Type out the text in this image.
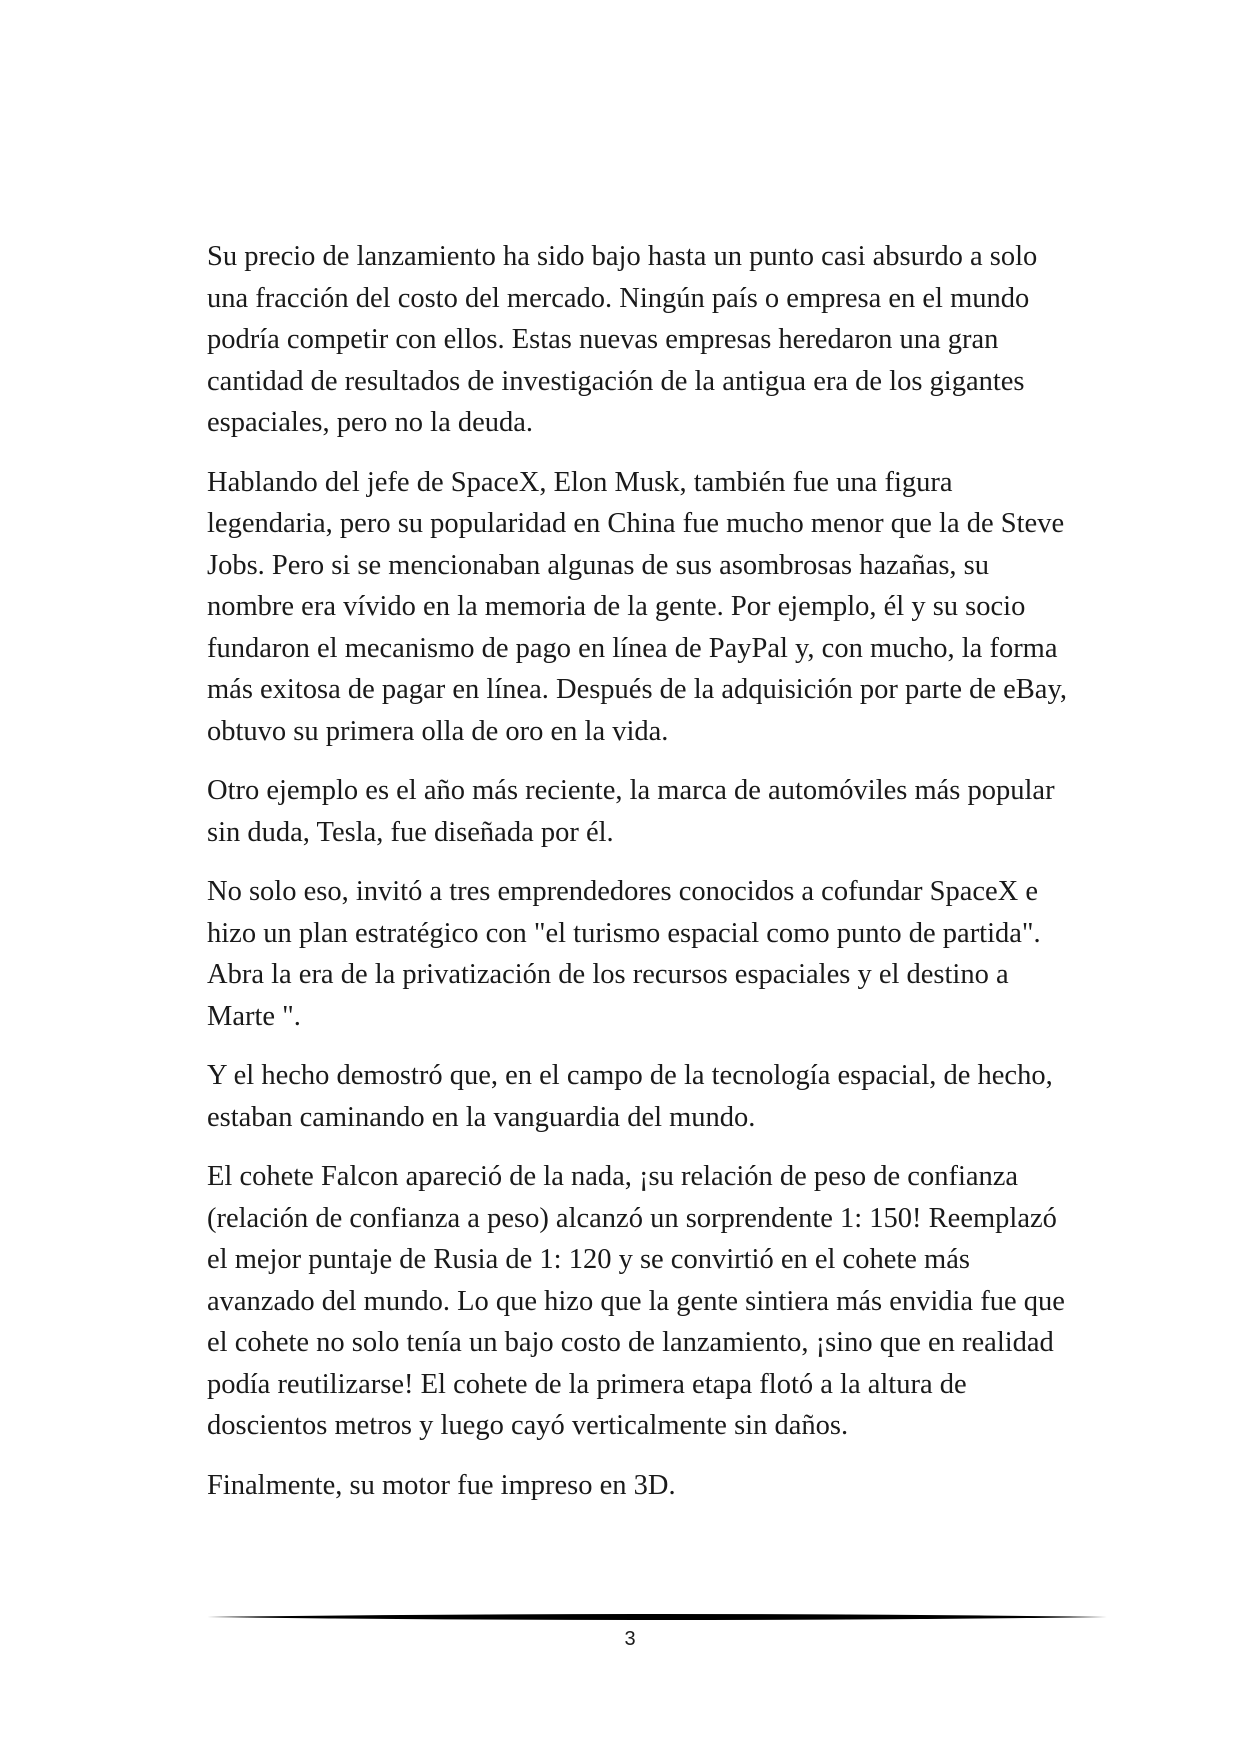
Su precio de lanzamiento ha sido bajo hasta un punto casi absurdo a solo una fracción del costo del mercado. Ningún país o empresa en el mundo podría competir con ellos. Estas nuevas empresas heredaron una gran cantidad de resultados de investigación de la antigua era de los gigantes espaciales, pero no la deuda.

Hablando del jefe de SpaceX, Elon Musk, también fue una figura legendaria, pero su popularidad en China fue mucho menor que la de Steve Jobs. Pero si se mencionaban algunas de sus asombrosas hazañas, su nombre era vívido en la memoria de la gente. Por ejemplo, él y su socio fundaron el mecanismo de pago en línea de PayPal y, con mucho, la forma más exitosa de pagar en línea. Después de la adquisición por parte de eBay, obtuvo su primera olla de oro en la vida.

Otro ejemplo es el año más reciente, la marca de automóviles más popular sin duda, Tesla, fue diseñada por él.

No solo eso, invitó a tres emprendedores conocidos a cofundar SpaceX e hizo un plan estratégico con "el turismo espacial como punto de partida". Abra la era de la privatización de los recursos espaciales y el destino a Marte ".

Y el hecho demostró que, en el campo de la tecnología espacial, de hecho, estaban caminando en la vanguardia del mundo.

El cohete Falcon apareció de la nada, ¡su relación de peso de confianza (relación de confianza a peso) alcanzó un sorprendente 1: 150! Reemplazó el mejor puntaje de Rusia de 1: 120 y se convirtió en el cohete más avanzado del mundo. Lo que hizo que la gente sintiera más envidia fue que el cohete no solo tenía un bajo costo de lanzamiento, ¡sino que en realidad podía reutilizarse! El cohete de la primera etapa flotó a la altura de doscientos metros y luego cayó verticalmente sin daños.

Finalmente, su motor fue impreso en 3D.

3
